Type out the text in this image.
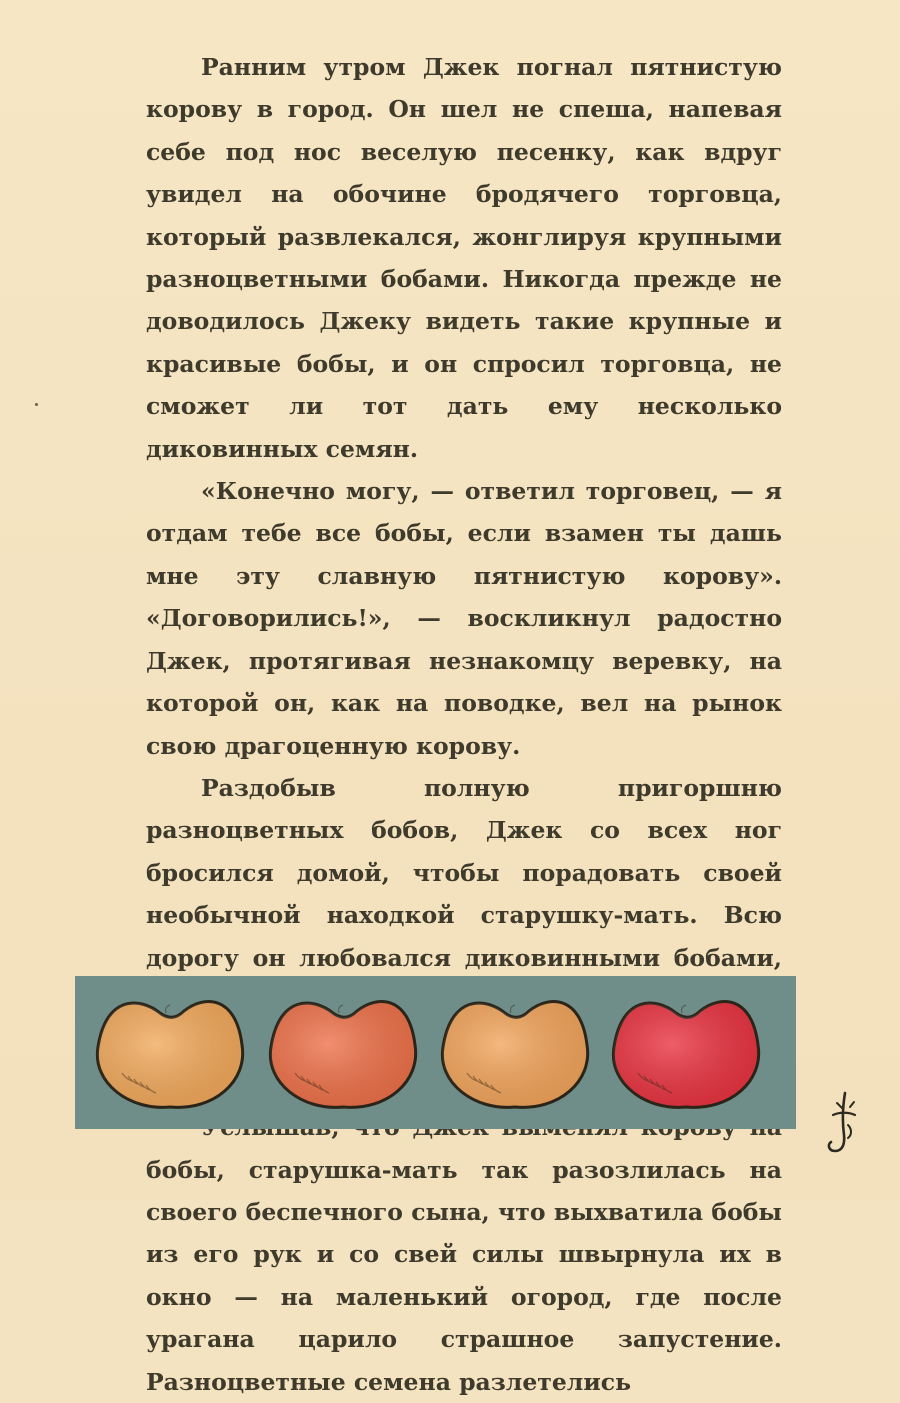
Ранним утром Джек погнал пятнистую корову в город. Он шел не спеша, напевая себе под нос веселую песенку, как вдруг увидел на обочине бродячего торговца, который развлекался, жонглируя крупными разноцветными бобами. Никогда прежде не доводилось Джеку видеть такие крупные и красивые бобы, и он спросил торговца, не сможет ли тот дать ему несколько диковинных семян.

«Конечно могу, — ответил торговец, — я отдам тебе все бобы, если взамен ты дашь мне эту славную пятнистую корову». «Договорились!», — воскликнул радостно Джек, протягивая незнакомцу веревку, на которой он, как на поводке, вел на рынок свою драгоценную корову.

Раздобыв полную пригоршню разноцветных бобов, Джек со всех ног бросился домой, чтобы порадовать своей необычной находкой старушку-мать. Всю дорогу он любовался диковинными бобами,

бобы, старушка-мать так разозлилась на своего беспечного сына, что выхватила бобы из его рук и со свей силы швырнула их в окно — на маленький огород, где после урагана царило страшное запустение. Разноцветные семена разлетелись
